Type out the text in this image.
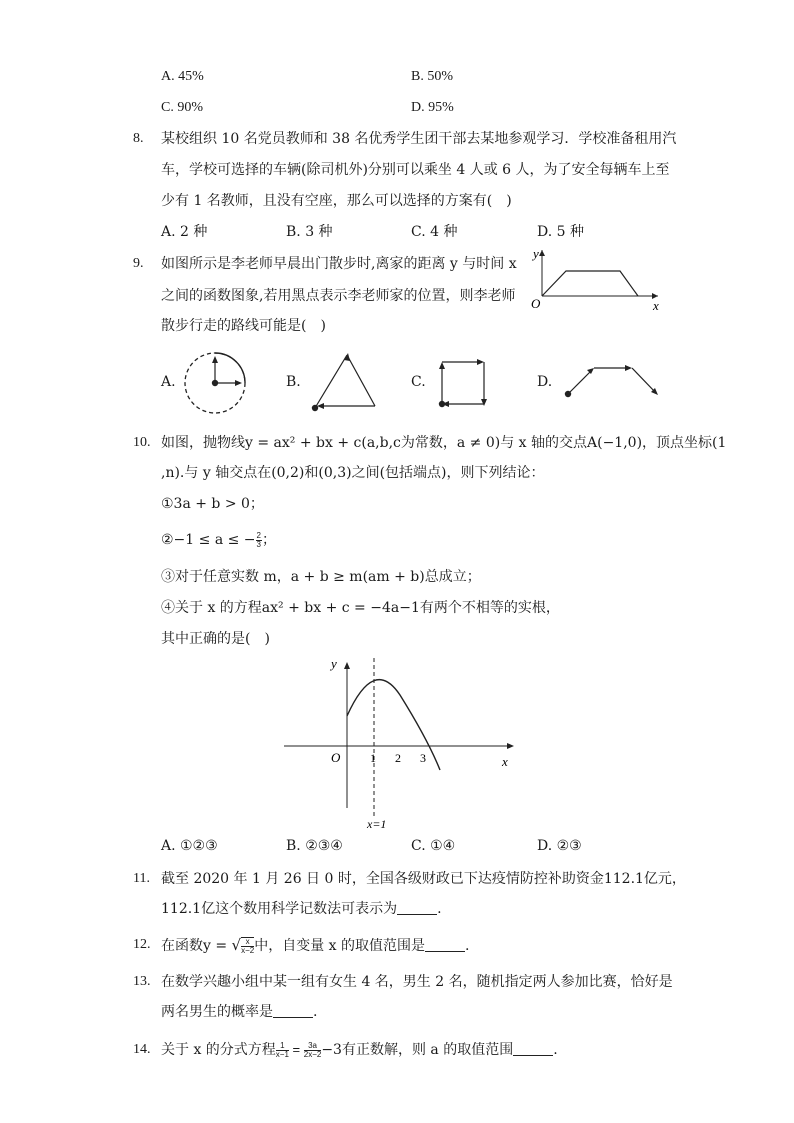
A. 45%	B. 50%
C. 90%	D. 95%
8. 某校组织 10 名党员教师和 38 名优秀学生团干部去某地参观学习．学校准备租用汽
车，学校可选择的车辆(除司机外)分别可以乘坐 4 人或 6 人，为了安全每辆车上至
少有 1 名教师，且没有空座，那么可以选择的方案有(　)
A. 2 种	B. 3 种	C. 4 种	D. 5 种
9. 如图所示是李老师早晨出门散步时,离家的距离 y 与时间 x
之间的函数图象,若用黑点表示李老师家的位置，则李老师
散步行走的路线可能是(　)
y
x
O
A.	B.	C.	D.
10. 如图，抛物线y = ax² + bx + c(a,b,c为常数，a ≠ 0)与 x 轴的交点A(−1,0)，顶点坐标(1
,n).与 y 轴交点在(0,2)和(0,3)之间(包括端点)，则下列结论：
①3a + b > 0；
②−1 ≤ a ≤ − $\frac{2}{3}$ ；
③对于任意实数 m，a + b ≥ m(am + b)总成立；
④关于 x 的方程ax² + bx + c = −4a−1有两个不相等的实根，
其中正确的是(　)
y
x
O 1 2 3
x=1
A. ①②③	B. ②③④	C. ①④	D. ②③
11. 截至 2020 年 1 月 26 日 0 时，全国各级财政已下达疫情防控补助资金112.1亿元，
112.1亿这个数用科学记数法可表示为	.
12. 在函数y = √ $\frac{x}{x-2}$ 中，自变量 x 的取值范围是	.
13. 在数学兴趣小组中某一组有女生 4 名，男生 2 名，随机指定两人参加比赛，恰好是
两名男生的概率是	.
14. 关于 x 的分式方程 $\frac{1}{x-1} = \frac{3a}{2x-2} -3$有正数解，则 a 的取值范围	.
